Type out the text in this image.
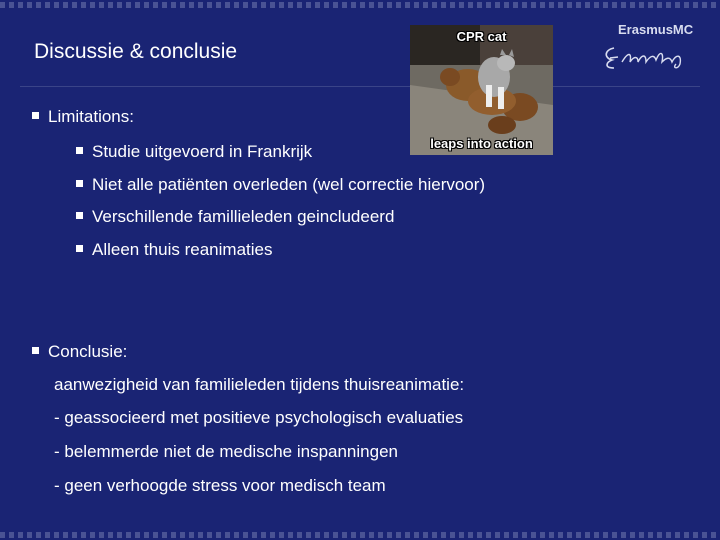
Discussie & conclusie
ErasmusMC
CPR cat
leaps into action
Limitations:
Studie uitgevoerd in Frankrijk
Niet alle patiënten overleden (wel correctie hiervoor)
Verschillende famillieleden geincludeerd
Alleen thuis reanimaties
Conclusie:
aanwezigheid van familieleden tijdens thuisreanimatie:
- geassocieerd met positieve psychologisch evaluaties
- belemmerde niet de medische inspanningen
- geen verhoogde stress voor medisch team
